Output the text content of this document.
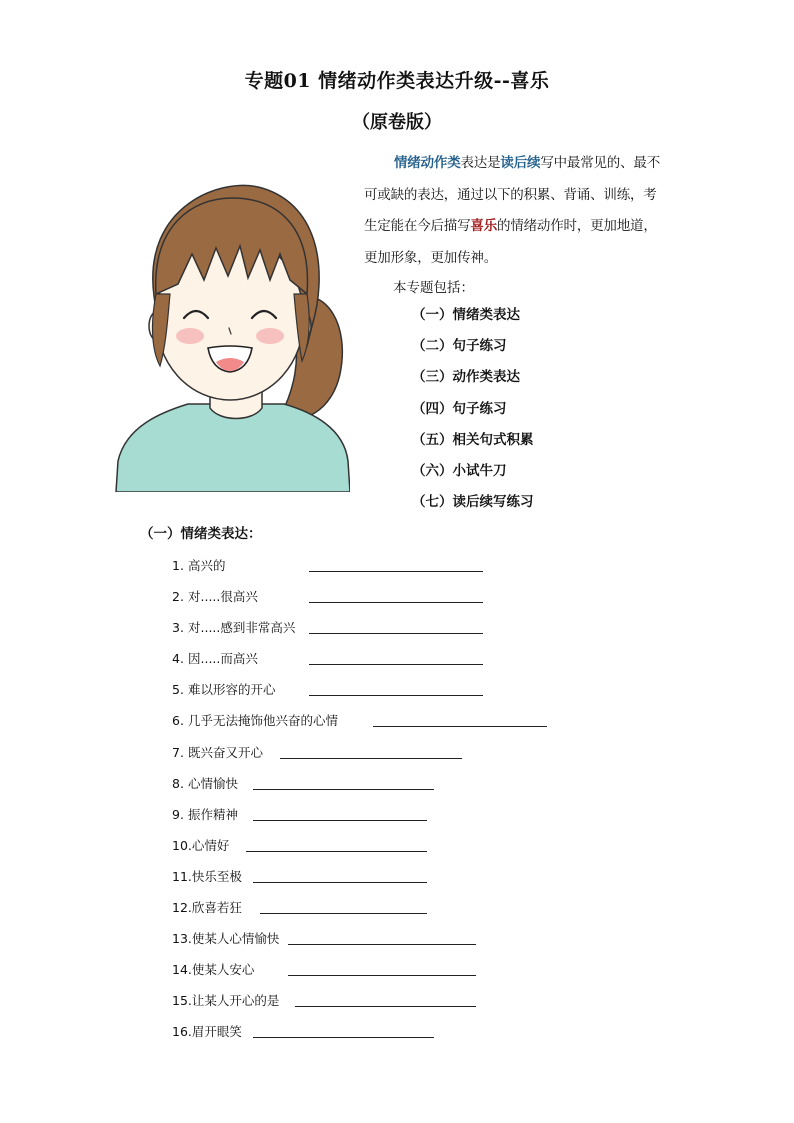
专题01 情绪动作类表达升级--喜乐
（原卷版）

情绪动作类表达是读后续写中最常见的、最不可或缺的表达，通过以下的积累、背诵、训练，考生定能在今后描写喜乐的情绪动作时，更加地道，更加形象，更加传神。

本专题包括：
（一）情绪类表达
（二）句子练习
（三）动作类表达
（四）句子练习
（五）相关句式积累
（六）小试牛刀
（七）读后续写练习
（一）情绪类表达：
1. 高兴的
2. 对.....很高兴
3. 对.....感到非常高兴
4. 因.....而高兴
5. 难以形容的开心
6. 几乎无法掩饰他兴奋的心情
7. 既兴奋又开心
8. 心情愉快
9. 振作精神
10.心情好
11.快乐至极
12.欣喜若狂
13.使某人心情愉快
14.使某人安心
15.让某人开心的是
16.眉开眼笑
